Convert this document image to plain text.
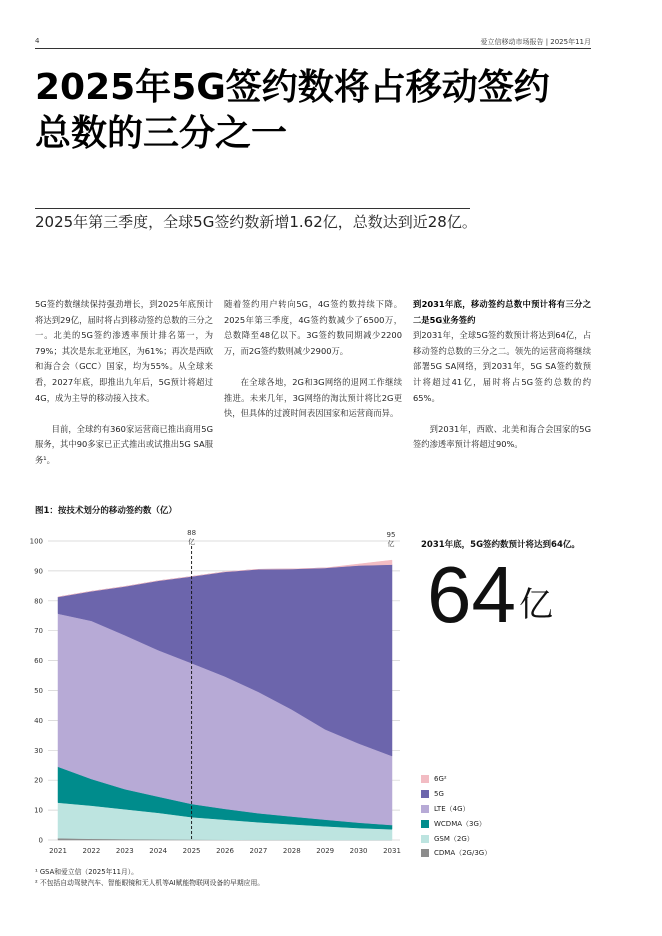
4	爱立信移动市场报告 | 2025年11月
2025年5G签约数将占移动签约
总数的三分之一
2025年第三季度，全球5G签约数新增1.62亿，总数达到近28亿。

5G签约数继续保持强劲增长，到2025年底预计将达到29亿，届时将占到移动签约总数的三分之一。北美的5G签约渗透率预计排名第一，为79%；其次是东北亚地区，为61%；再次是西欧和海合会（GCC）国家，均为55%。从全球来看，2027年底，即推出九年后，5G预计将超过4G，成为主导的移动接入技术。

目前，全球约有360家运营商已推出商用5G服务，其中90多家已正式推出或试推出5G SA服务¹。

随着签约用户转向5G，4G签约数持续下降。2025年第三季度，4G签约数减少了6500万，总数降至48亿以下。3G签约数同期减少2200万，而2G签约数则减少2900万。

在全球各地，2G和3G网络的退网工作继续推进。未来几年，3G网络的淘汰预计将比2G更快，但具体的过渡时间表因国家和运营商而异。

到2031年底，移动签约总数中预计将有三分之二是5G业务签约
到2031年，全球5G签约数预计将达到64亿，占移动签约总数的三分之二。领先的运营商将继续部署5G SA网络，到2031年，5G SA签约数预计将超过41亿，届时将占5G签约总数的约65%。

到2031年，西欧、北美和海合会国家的5G签约渗透率预计将超过90%。

图1：按技术划分的移动签约数（亿）
0
10
20
30
40
50
60
70
80
90
100
2021 2022 2023 2024 2025 2026 2027 2028 2029 2030 2031
88
亿
95
亿	2031年底，5G签约数预计将达到64亿。
64 亿
6G²
5G
LTE（4G）
WCDMA（3G）
GSM（2G）
CDMA（2G/3G）
¹ GSA和爱立信（2025年11月）。
² 不包括自动驾驶汽车、智能眼镜和无人机等AI赋能物联网设备的早期应用。
